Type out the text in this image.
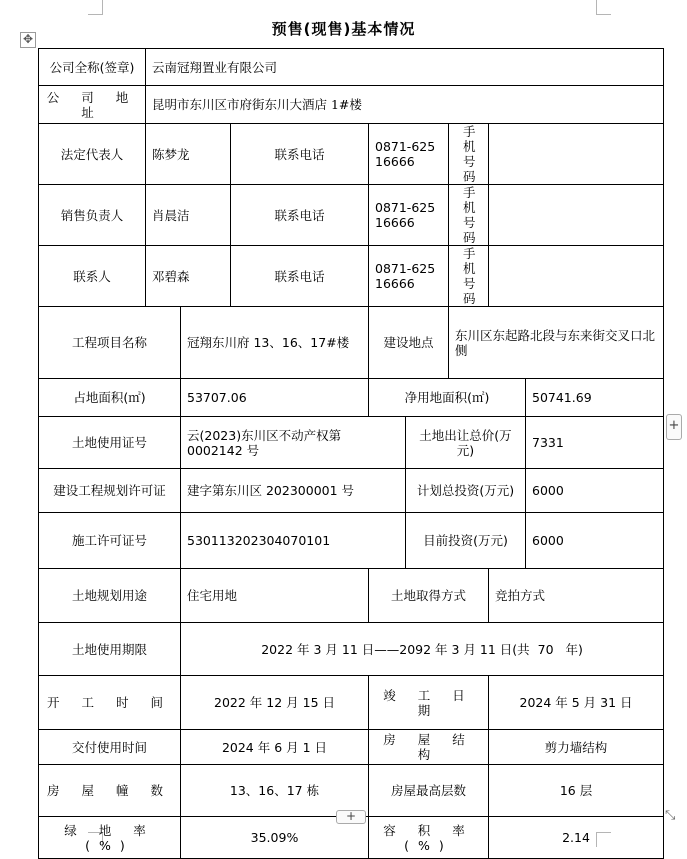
预售(现售)基本情况
✥
公司全称(签章)	云南冠翔置业有限公司							
公 司 地 址	昆明市东川区市府街东川大酒店 1#楼							
法定代表人	陈梦龙		联系电话	0871-62516666		手机号码		
销售负责人	肖晨洁		联系电话	0871-62516666		手机号码		
联系人	邓碧森		联系电话	0871-62516666		手机号码		
工程项目名称		冠翔东川府 13、16、17#楼		建设地点		东川区东起路北段与东来街交叉口北侧		
占地面积(㎡)		53707.06		净用地面积(㎡)				50741.69
土地使用证号		云(2023)东川区不动产权第 0002142 号			土地出让总价(万元)			7331
建设工程规划许可证		建字第东川区 202300001 号			计划总投资(万元)			6000
施工许可证号		530113202304070101			目前投资(万元)			6000
土地规划用途		住宅用地		土地取得方式			竞拍方式	
土地使用期限		2022 年 3 月 11 日——2092 年 3 月 11 日(共  70   年)						
开 工 时 间		2022 年 12 月 15 日		竣 工 日 期			2024 年 5 月 31 日	
交付使用时间		2024 年 6 月 1 日		房 屋 结 构			剪力墙结构	
房 屋 幢 数		13、16、17 栋		房屋最高层数			16 层	
绿 地 率(%)		35.09%		容 积 率(%)			2.14	
+
+	⤡
